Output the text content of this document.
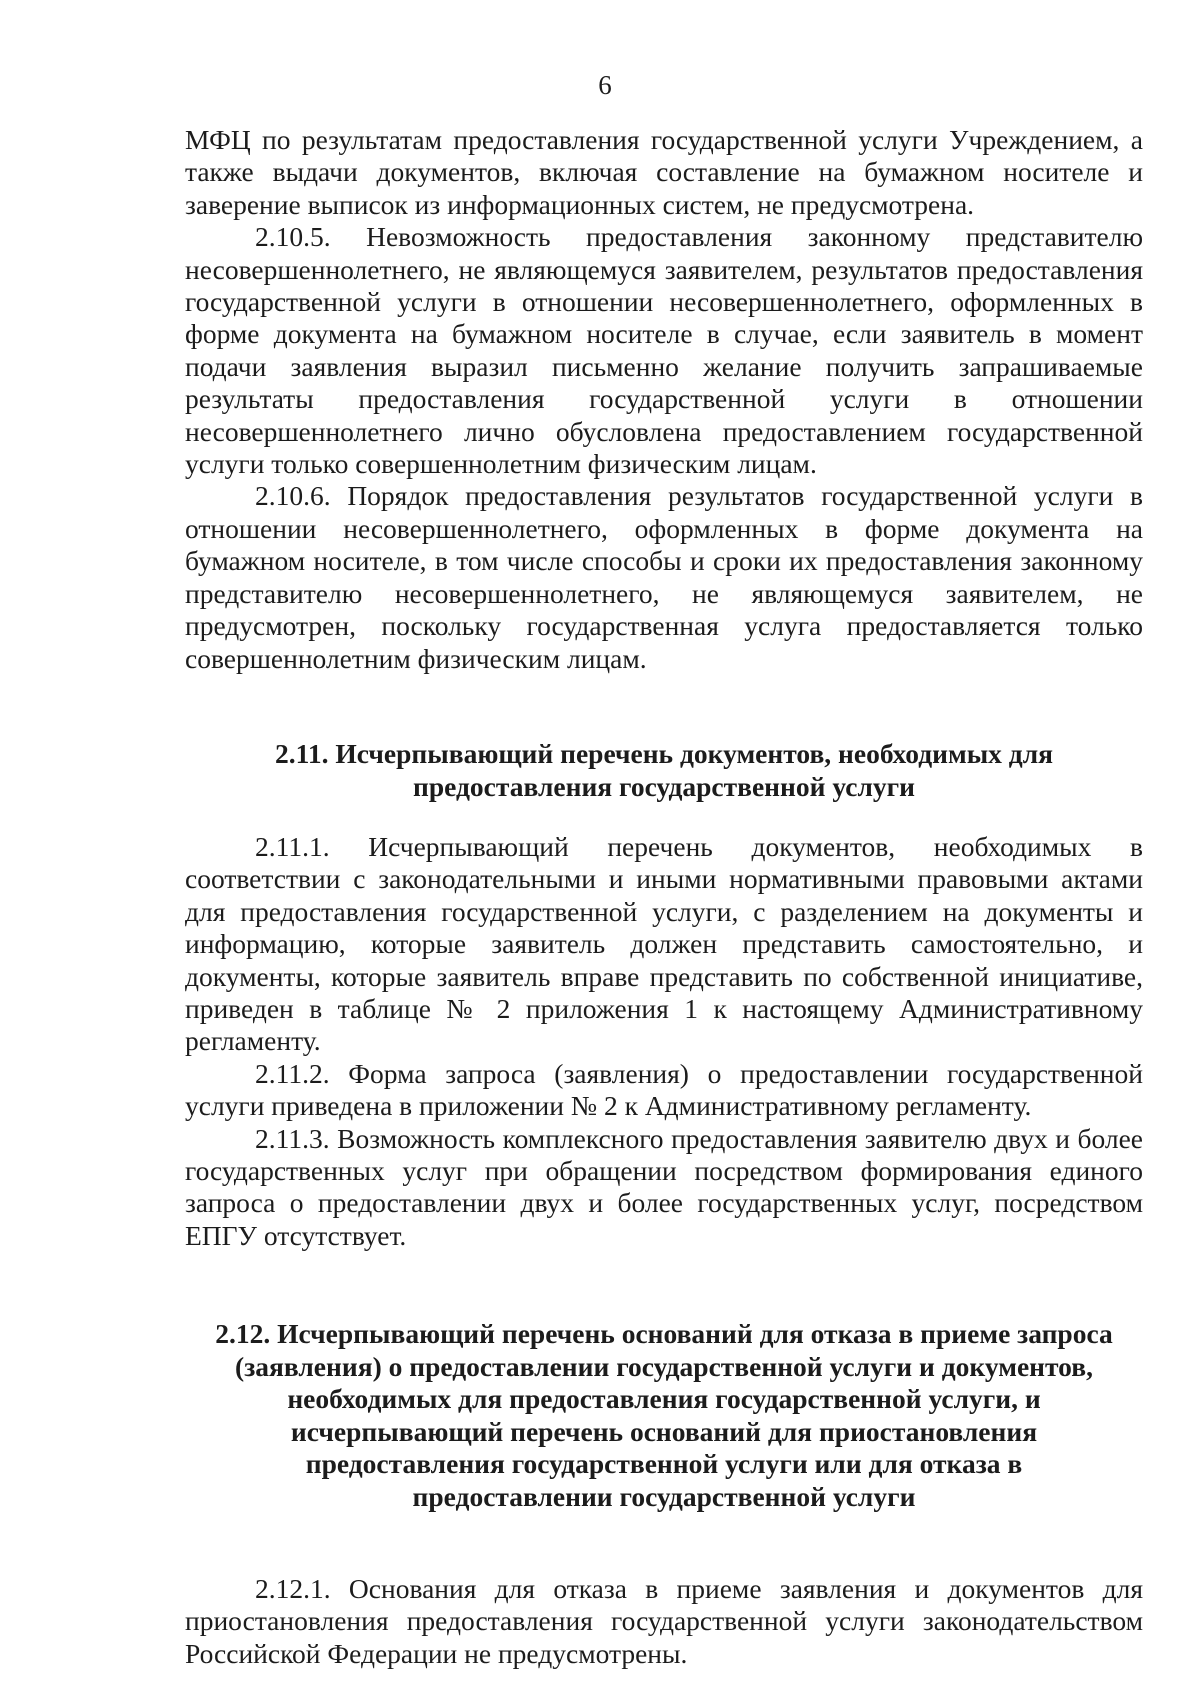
6

МФЦ по результатам предоставления государственной услуги Учреждением, а также выдачи документов, включая составление на бумажном носителе и заверение выписок из информационных систем, не предусмотрена.

2.10.5. Невозможность предоставления законному представителю несовершеннолетнего, не являющемуся заявителем, результатов предоставления государственной услуги в отношении несовершеннолетнего, оформленных в форме документа на бумажном носителе в случае, если заявитель в момент подачи заявления выразил письменно желание получить запрашиваемые результаты предоставления государственной услуги в отношении несовершеннолетнего лично обусловлена предоставлением государственной услуги только совершеннолетним физическим лицам.

2.10.6. Порядок предоставления результатов государственной услуги в отношении несовершеннолетнего, оформленных в форме документа на бумажном носителе, в том числе способы и сроки их предоставления законному представителю несовершеннолетнего, не являющемуся заявителем, не предусмотрен, поскольку государственная услуга предоставляется только совершеннолетним физическим лицам.

2.11. Исчерпывающий перечень документов, необходимых для
предоставления государственной услуги

2.11.1. Исчерпывающий перечень документов, необходимых в соответствии с законодательными и иными нормативными правовыми актами для предоставления государственной услуги, с разделением на документы и информацию, которые заявитель должен представить самостоятельно, и документы, которые заявитель вправе представить по собственной инициативе, приведен в таблице № 2 приложения 1 к настоящему Административному регламенту.

2.11.2. Форма запроса (заявления) о предоставлении государственной услуги приведена в приложении № 2 к Административному регламенту.

2.11.3. Возможность комплексного предоставления заявителю двух и более государственных услуг при обращении посредством формирования единого запроса о предоставлении двух и более государственных услуг, посредством ЕПГУ отсутствует.

2.12. Исчерпывающий перечень оснований для отказа в приеме запроса
(заявления) о предоставлении государственной услуги и документов,
необходимых для предоставления государственной услуги, и
исчерпывающий перечень оснований для приостановления
предоставления государственной услуги или для отказа в
предоставлении государственной услуги

2.12.1. Основания для отказа в приеме заявления и документов для приостановления предоставления государственной услуги законодательством Российской Федерации не предусмотрены.
